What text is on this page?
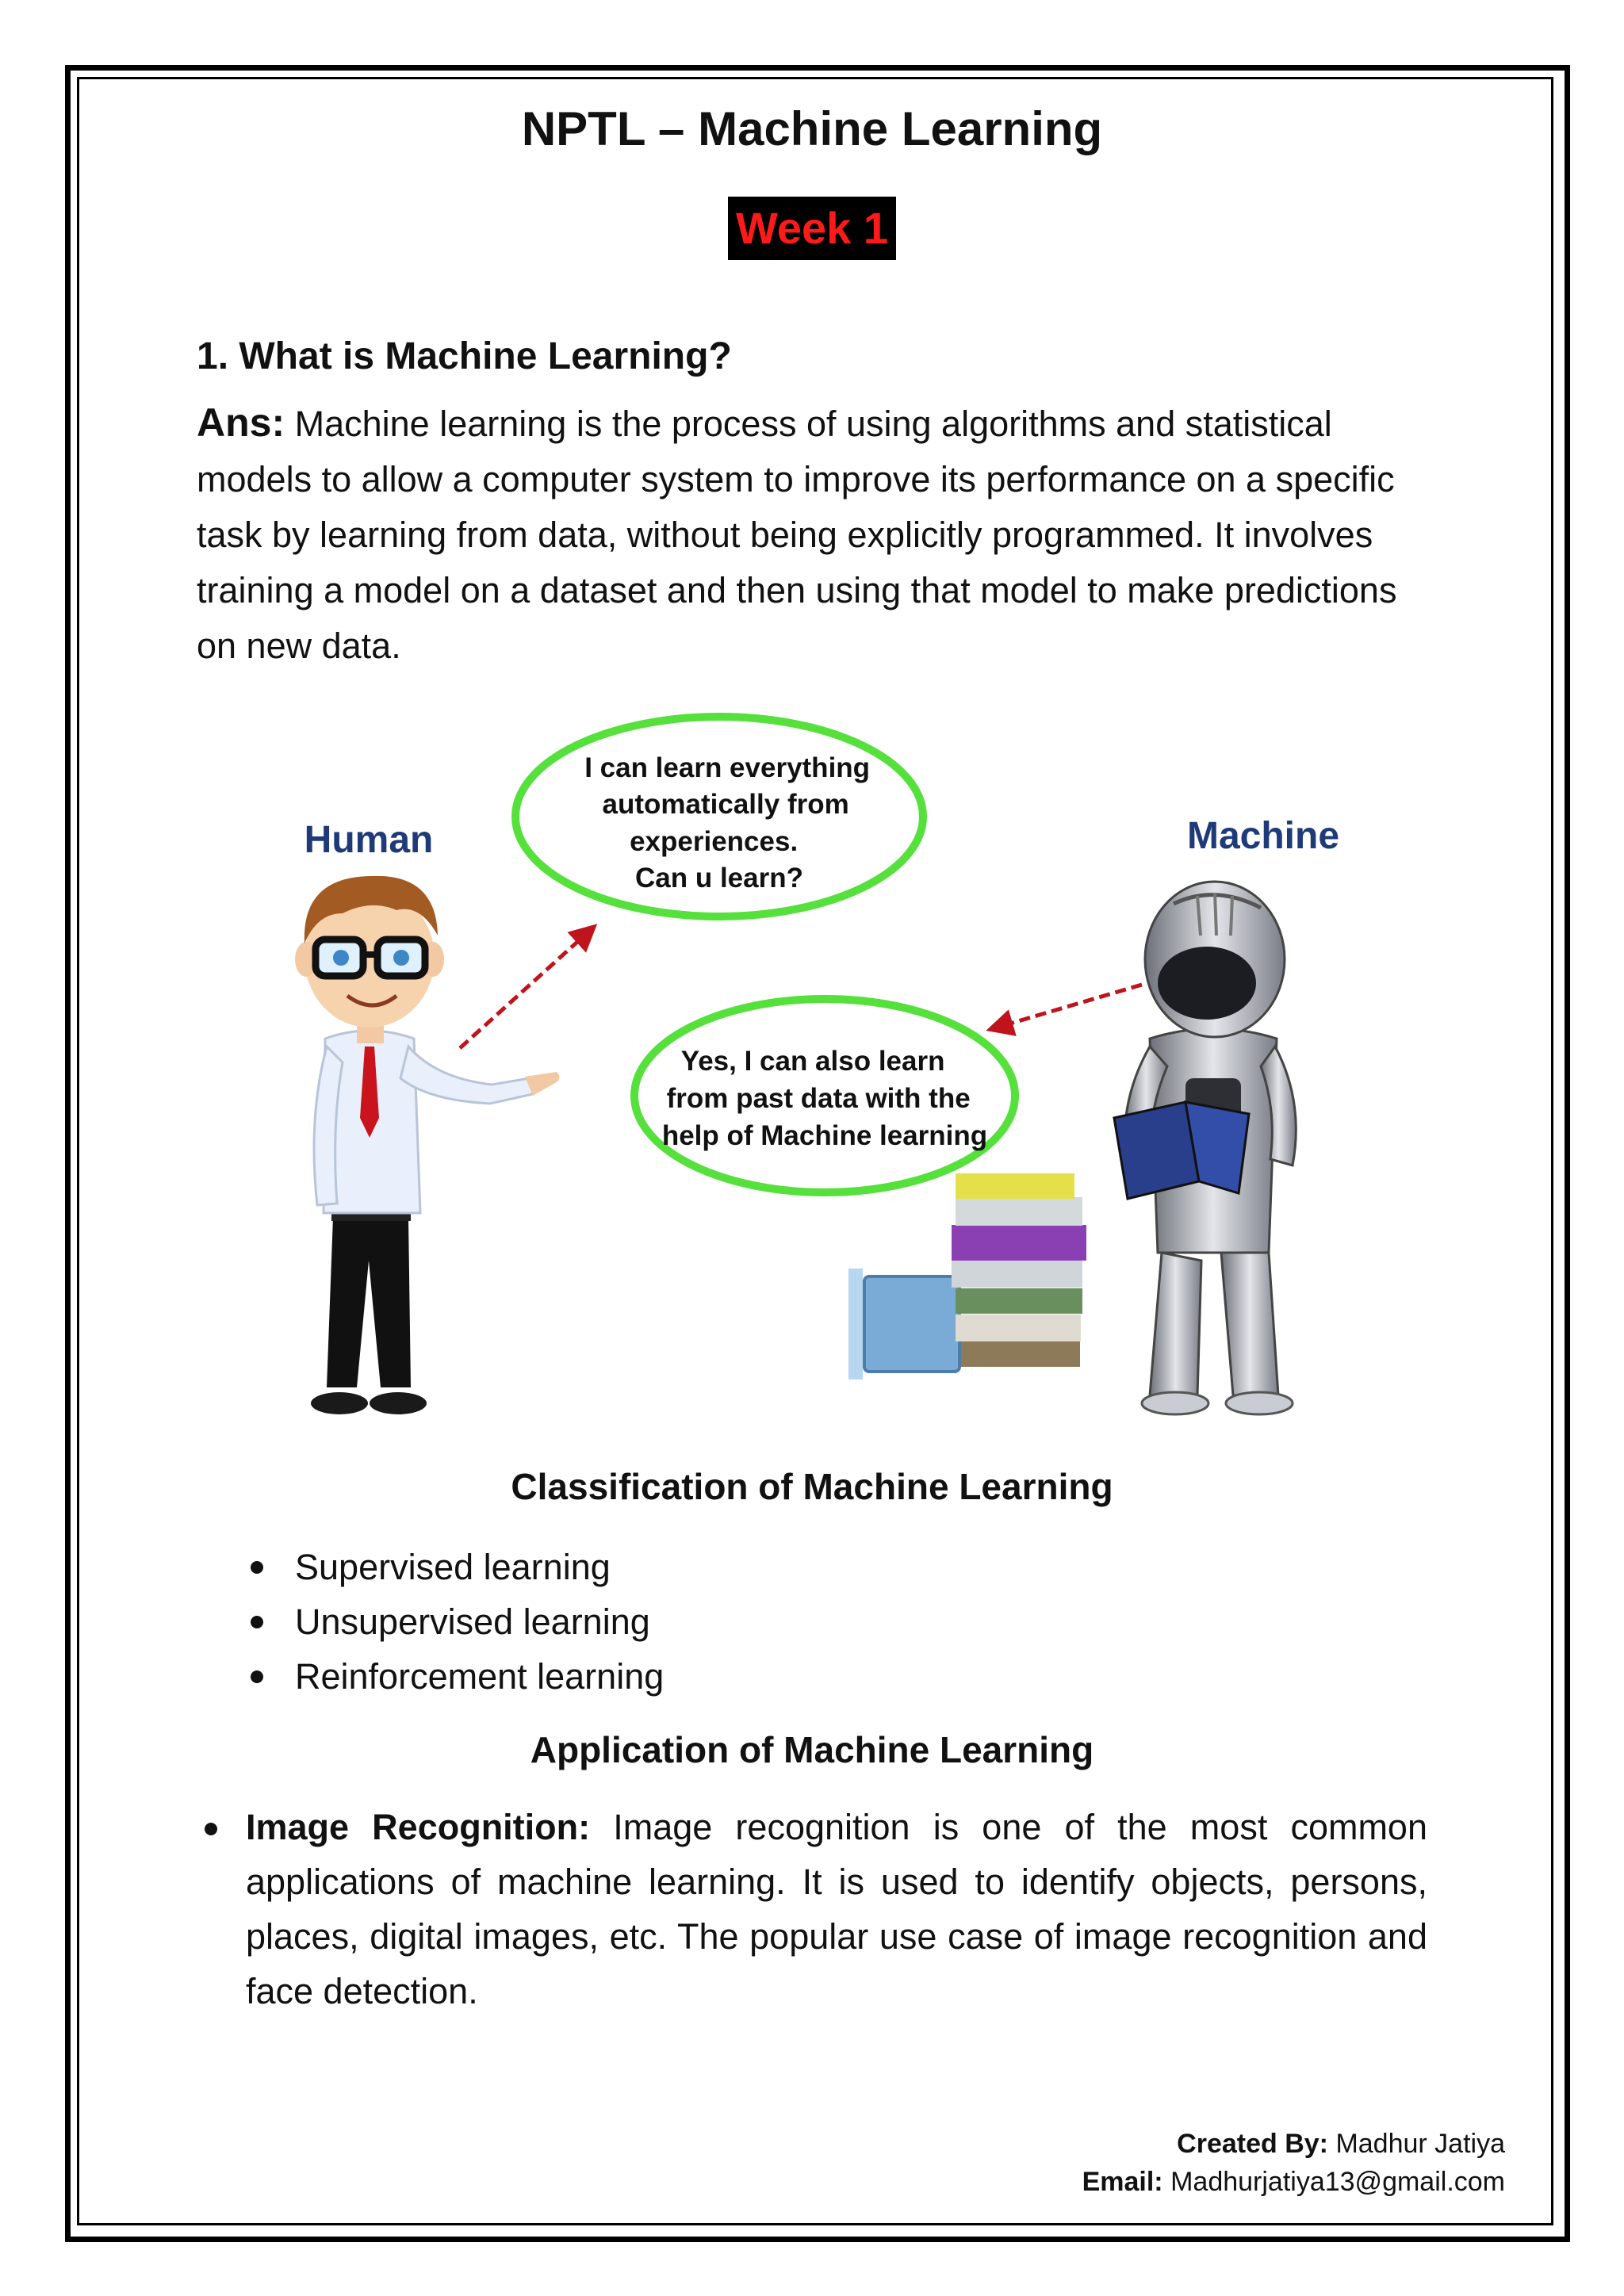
NPTL – Machine Learning
Week 1
1. What is Machine Learning?
Ans: Machine learning is the process of using algorithms and statistical models to allow a computer system to improve its performance on a specific task by learning from data, without being explicitly programmed. It involves training a model on a dataset and then using that model to make predictions on new data.
Human	Machine
I can learn everything automatically from experiences. Can u learn?
Yes, I can also learn from past data with the help of Machine learning
Classification of Machine Learning
Supervised learning
Unsupervised learning
Reinforcement learning
Application of Machine Learning
Image Recognition: Image recognition is one of the most common applications of machine learning. It is used to identify objects, persons, places, digital images, etc. The popular use case of image recognition and face detection.
Created By: Madhur Jatiya
Email: Madhurjatiya13@gmail.com
